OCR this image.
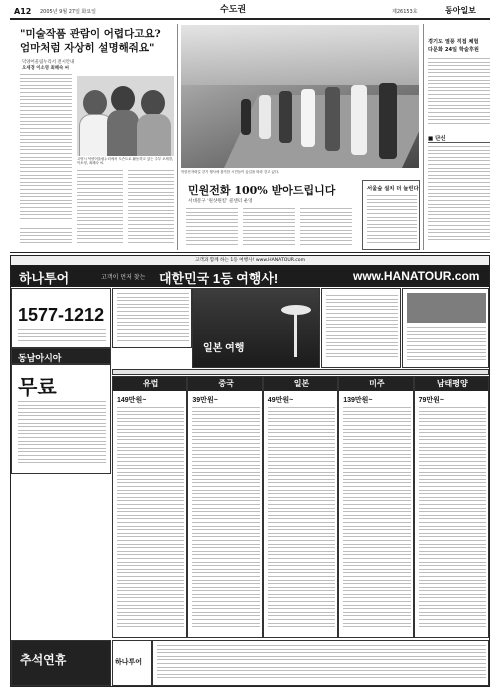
A12 2005년 9월 27일 화요일	수도권	제26153호	동아일보
"미술작품 관람이 어렵다고요?
엄마처럼 자상히 설명해줘요"
덕양어울림누리서 전시안내
오세경 이소영 최혜숙 씨
고양시 덕양어울림누리에서 도슨트로 활동하고 있는 주부 오세경, 이소영, 최혜숙 씨.
북한산자락길 걷기 행사에 참가한 시민들이 숲길을 따라 걷고 있다.
민원전화 100% 받아드립니다
서대문구 '원샷원킬' 콜센터 운영
서울숲 설치 더 늘린다
경기도 열풍 직접 체험
다문화 24일 학술후원
■ 단신
고객과 함께 하는 1등 여행사! www.HANATOUR.com
하나투어	고객이 먼저 찾는 대한민국 1등 여행사!	www.HANATOUR.com
1577-1212
동남아시아
무료
일본 여행
유럽
149만원~
중국
39만원~
일본
49만원~
미주
139만원~
남태평양
79만원~
추석연휴	하나투어
